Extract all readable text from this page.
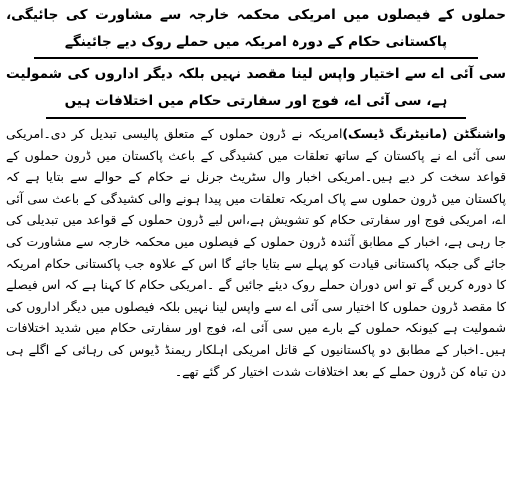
حملوں کے فیصلوں میں امریکی محکمہ خارجہ سے مشاورت کی جائیگی، پاکستانی حکام کے دورہ امریکہ میں حملے روک دیے جائینگے

سی آئی اے سے اختیار واپس لینا مقصد نہیں بلکہ دیگر اداروں کی شمولیت ہے، سی آئی اے، فوج اور سفارتی حکام میں اختلافات ہیں

واشنگٹن (مانیٹرنگ ڈیسک)امریکہ نے ڈرون حملوں کے متعلق پالیسی تبدیل کر دی۔امریکی سی آئی اے نے پاکستان کے ساتھ تعلقات میں کشیدگی کے باعث پاکستان میں ڈرون حملوں کے قواعد سخت کر دیے ہیں۔امریکی اخبار وال سٹریٹ جرنل نے حکام کے حوالے سے بتایا ہے کہ پاکستان میں ڈرون حملوں سے پاک امریکہ تعلقات میں پیدا ہونے والی کشیدگی کے باعث سی آئی اے، امریکی فوج اور سفارتی حکام کو تشویش ہے،اس لیے ڈرون حملوں کے قواعد میں تبدیلی کی جا رہی ہے، اخبار کے مطابق آئندہ ڈرون حملوں کے فیصلوں میں محکمہ خارجہ سے مشاورت کی جائے گی جبکہ پاکستانی قیادت کو پہلے سے بتایا جائے گا اس کے علاوہ جب پاکستانی حکام امریکہ کا دورہ کریں گے تو اس دوران حملے روک دیئے جائیں گے ۔امریکی حکام کا کہنا ہے کہ اس فیصلے کا مقصد ڈرون حملوں کا اختیار سی آئی اے سے واپس لینا نہیں بلکہ فیصلوں میں دیگر اداروں کی شمولیت ہے کیونکہ حملوں کے بارے میں سی آئی اے، فوج اور سفارتی حکام میں شدید اختلافات ہیں۔اخبار کے مطابق دو پاکستانیوں کے قاتل امریکی اہلکار ریمنڈ ڈیوس کی رہائی کے اگلے ہی دن تباہ کن ڈرون حملے کے بعد اختلافات شدت اختیار کر گئے تھے۔
